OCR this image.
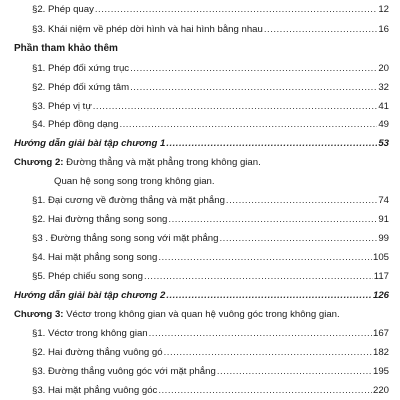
§2. Phép quay .....	12
§3. Khái niệm về phép dời hình và hai hình bằng nhau .....	16
Phần tham khảo thêm
§1. Phép đối xứng trục .....	20
§2. Phép đối xứng tâm .....	32
§3. Phép vị tự .....	41
§4. Phép đồng dạng .....	49
Hướng dẫn giải bài tập chương 1 .....	53
Chương 2: Đường thẳng và mặt phẳng trong không gian.
Quan hệ song song trong không gian.
§1. Đại cương về đường thẳng và mặt phẳng .....	74
§2. Hai đường thẳng song song .....	91
§3 . Đường thẳng song song với mặt phẳng .....	99
§4. Hai mặt phẳng song song .....	105
§5. Phép chiếu song song .....	117
Hướng dẫn giải bài tập chương 2 .....	126
Chương 3: Véctơ trong không gian và quan hệ vuông góc trong không gian.
§1. Véctơ trong không gian .....	167
§2. Hai đường thẳng vuông gó .....	182
§3. Đường thẳng vuông góc với mặt phẳng .....	195
§3. Hai mặt phẳng vuông góc .....	220
